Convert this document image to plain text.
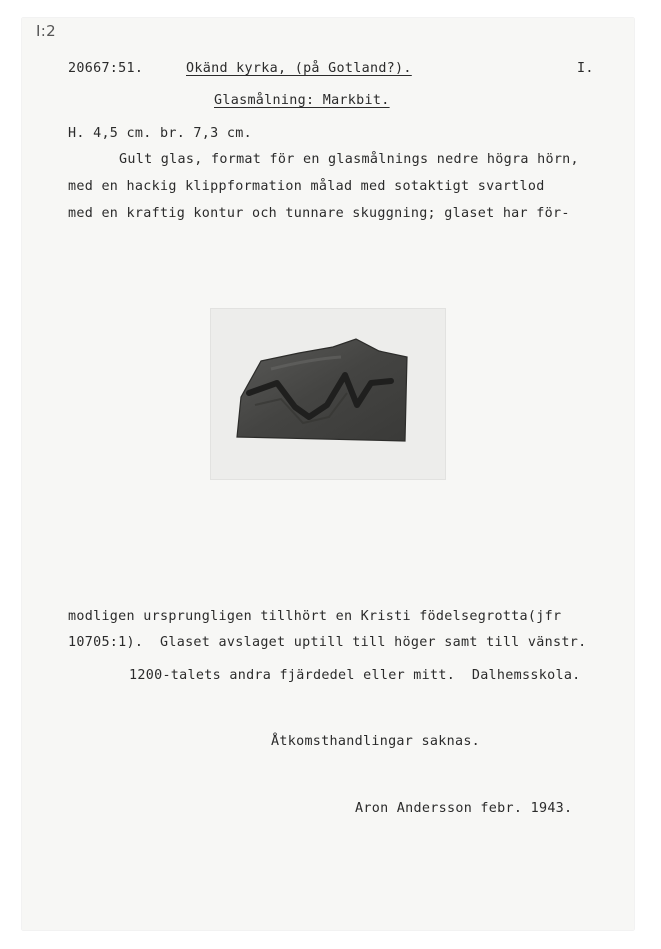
I:2
20667:51.	Okänd kyrka, (på Gotland?).	I.
Glasmålning: Markbit.
H. 4,5 cm. br. 7,3 cm.
Gult glas, format för en glasmålnings nedre högra hörn,
med en hackig klippformation målad med sotaktigt svartlod
med en kraftig kontur och tunnare skuggning; glaset har för-
modligen ursprungligen tillhört en Kristi födelsegrotta(jfr
10705:1).  Glaset avslaget uptill till höger samt till vänstr.
1200-talets andra fjärdedel eller mitt.  Dalhemsskola.
Åtkomsthandlingar saknas.
Aron Andersson febr. 1943.
